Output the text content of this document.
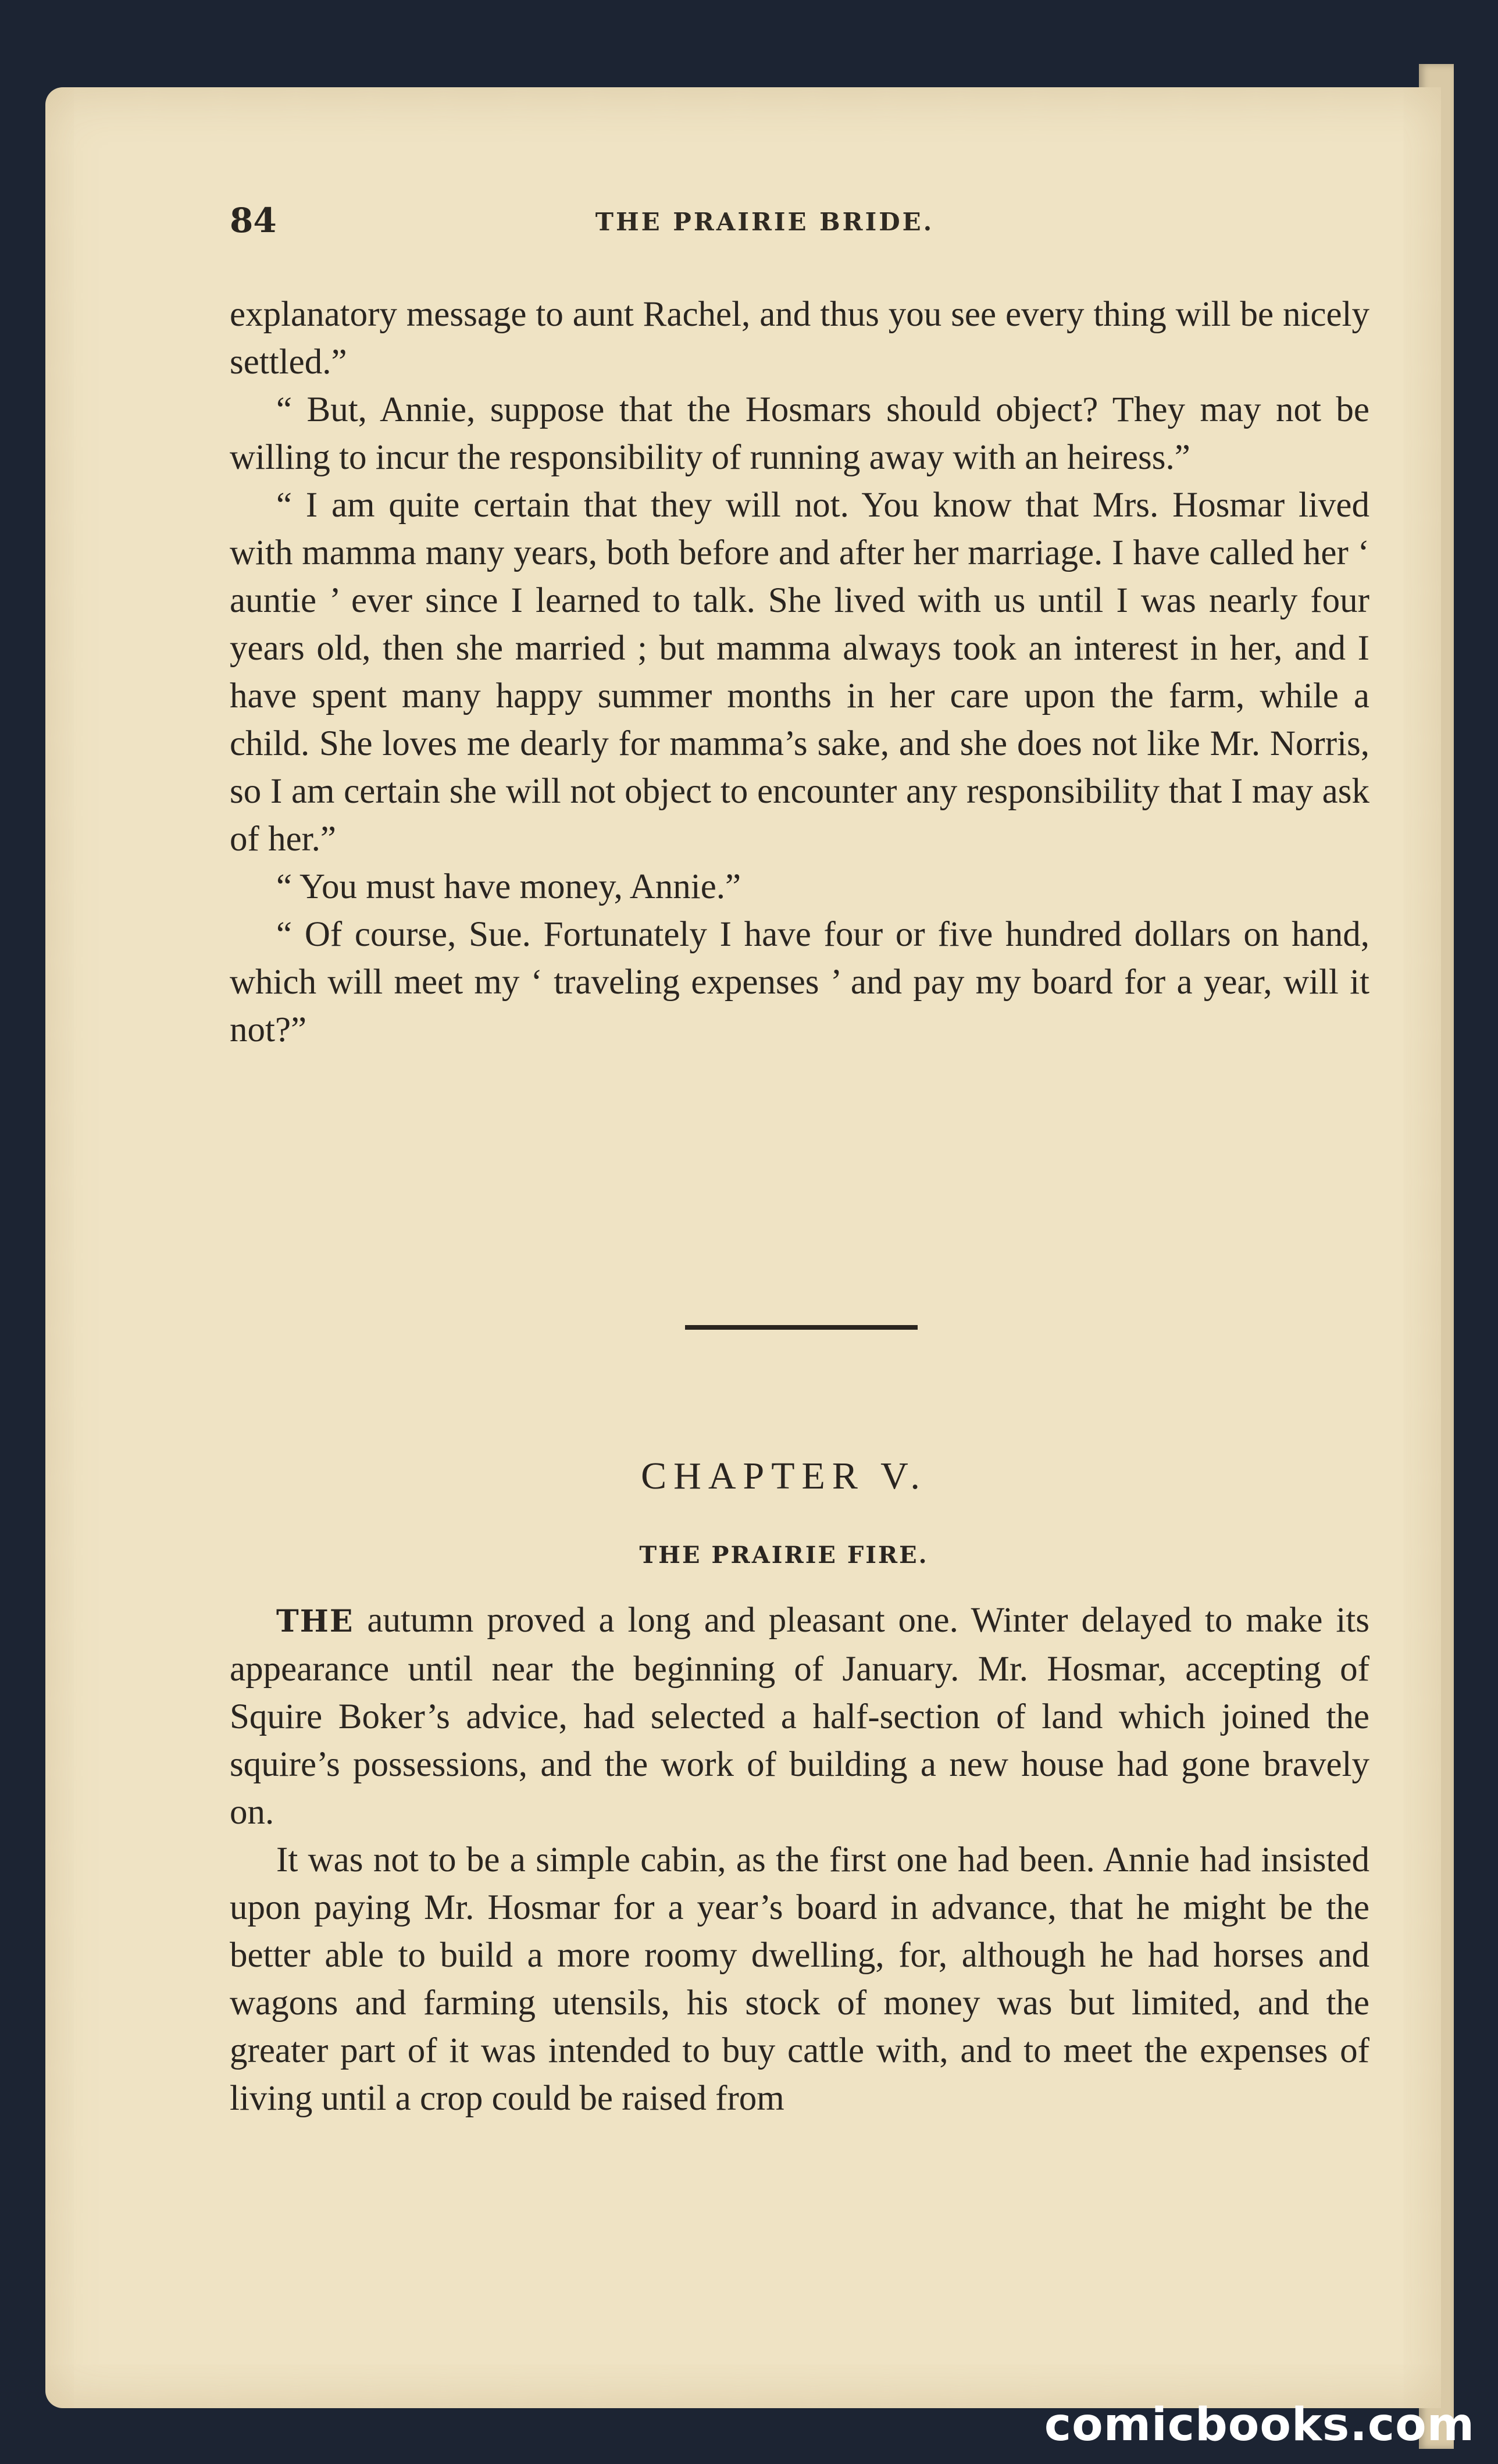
84	THE PRAIRIE BRIDE.

explanatory message to aunt Rachel, and thus you see every thing will be nicely settled.”

“ But, Annie, suppose that the Hosmars should object? They may not be willing to incur the responsibility of running away with an heiress.”

“ I am quite certain that they will not. You know that Mrs. Hosmar lived with mamma many years, both before and after her marriage. I have called her ‘ auntie ’ ever since I learned to talk. She lived with us until I was nearly four years old, then she married ; but mamma always took an interest in her, and I have spent many happy summer months in her care upon the farm, while a child. She loves me dearly for mamma’s sake, and she does not like Mr. Norris, so I am certain she will not object to encounter any responsibility that I may ask of her.”

“ You must have money, Annie.”

“ Of course, Sue. Fortunately I have four or five hundred dollars on hand, which will meet my ‘ traveling expenses ’ and pay my board for a year, will it not?”

CHAPTER V.
THE PRAIRIE FIRE.

THE autumn proved a long and pleasant one. Winter delayed to make its appearance until near the beginning of January. Mr. Hosmar, accepting of Squire Boker’s advice, had selected a half-section of land which joined the squire’s possessions, and the work of building a new house had gone bravely on.

It was not to be a simple cabin, as the first one had been. Annie had insisted upon paying Mr. Hosmar for a year’s board in advance, that he might be the better able to build a more roomy dwelling, for, although he had horses and wagons and farming utensils, his stock of money was but limited, and the greater part of it was intended to buy cattle with, and to meet the expenses of living until a crop could be raised from

comicbooks.com
